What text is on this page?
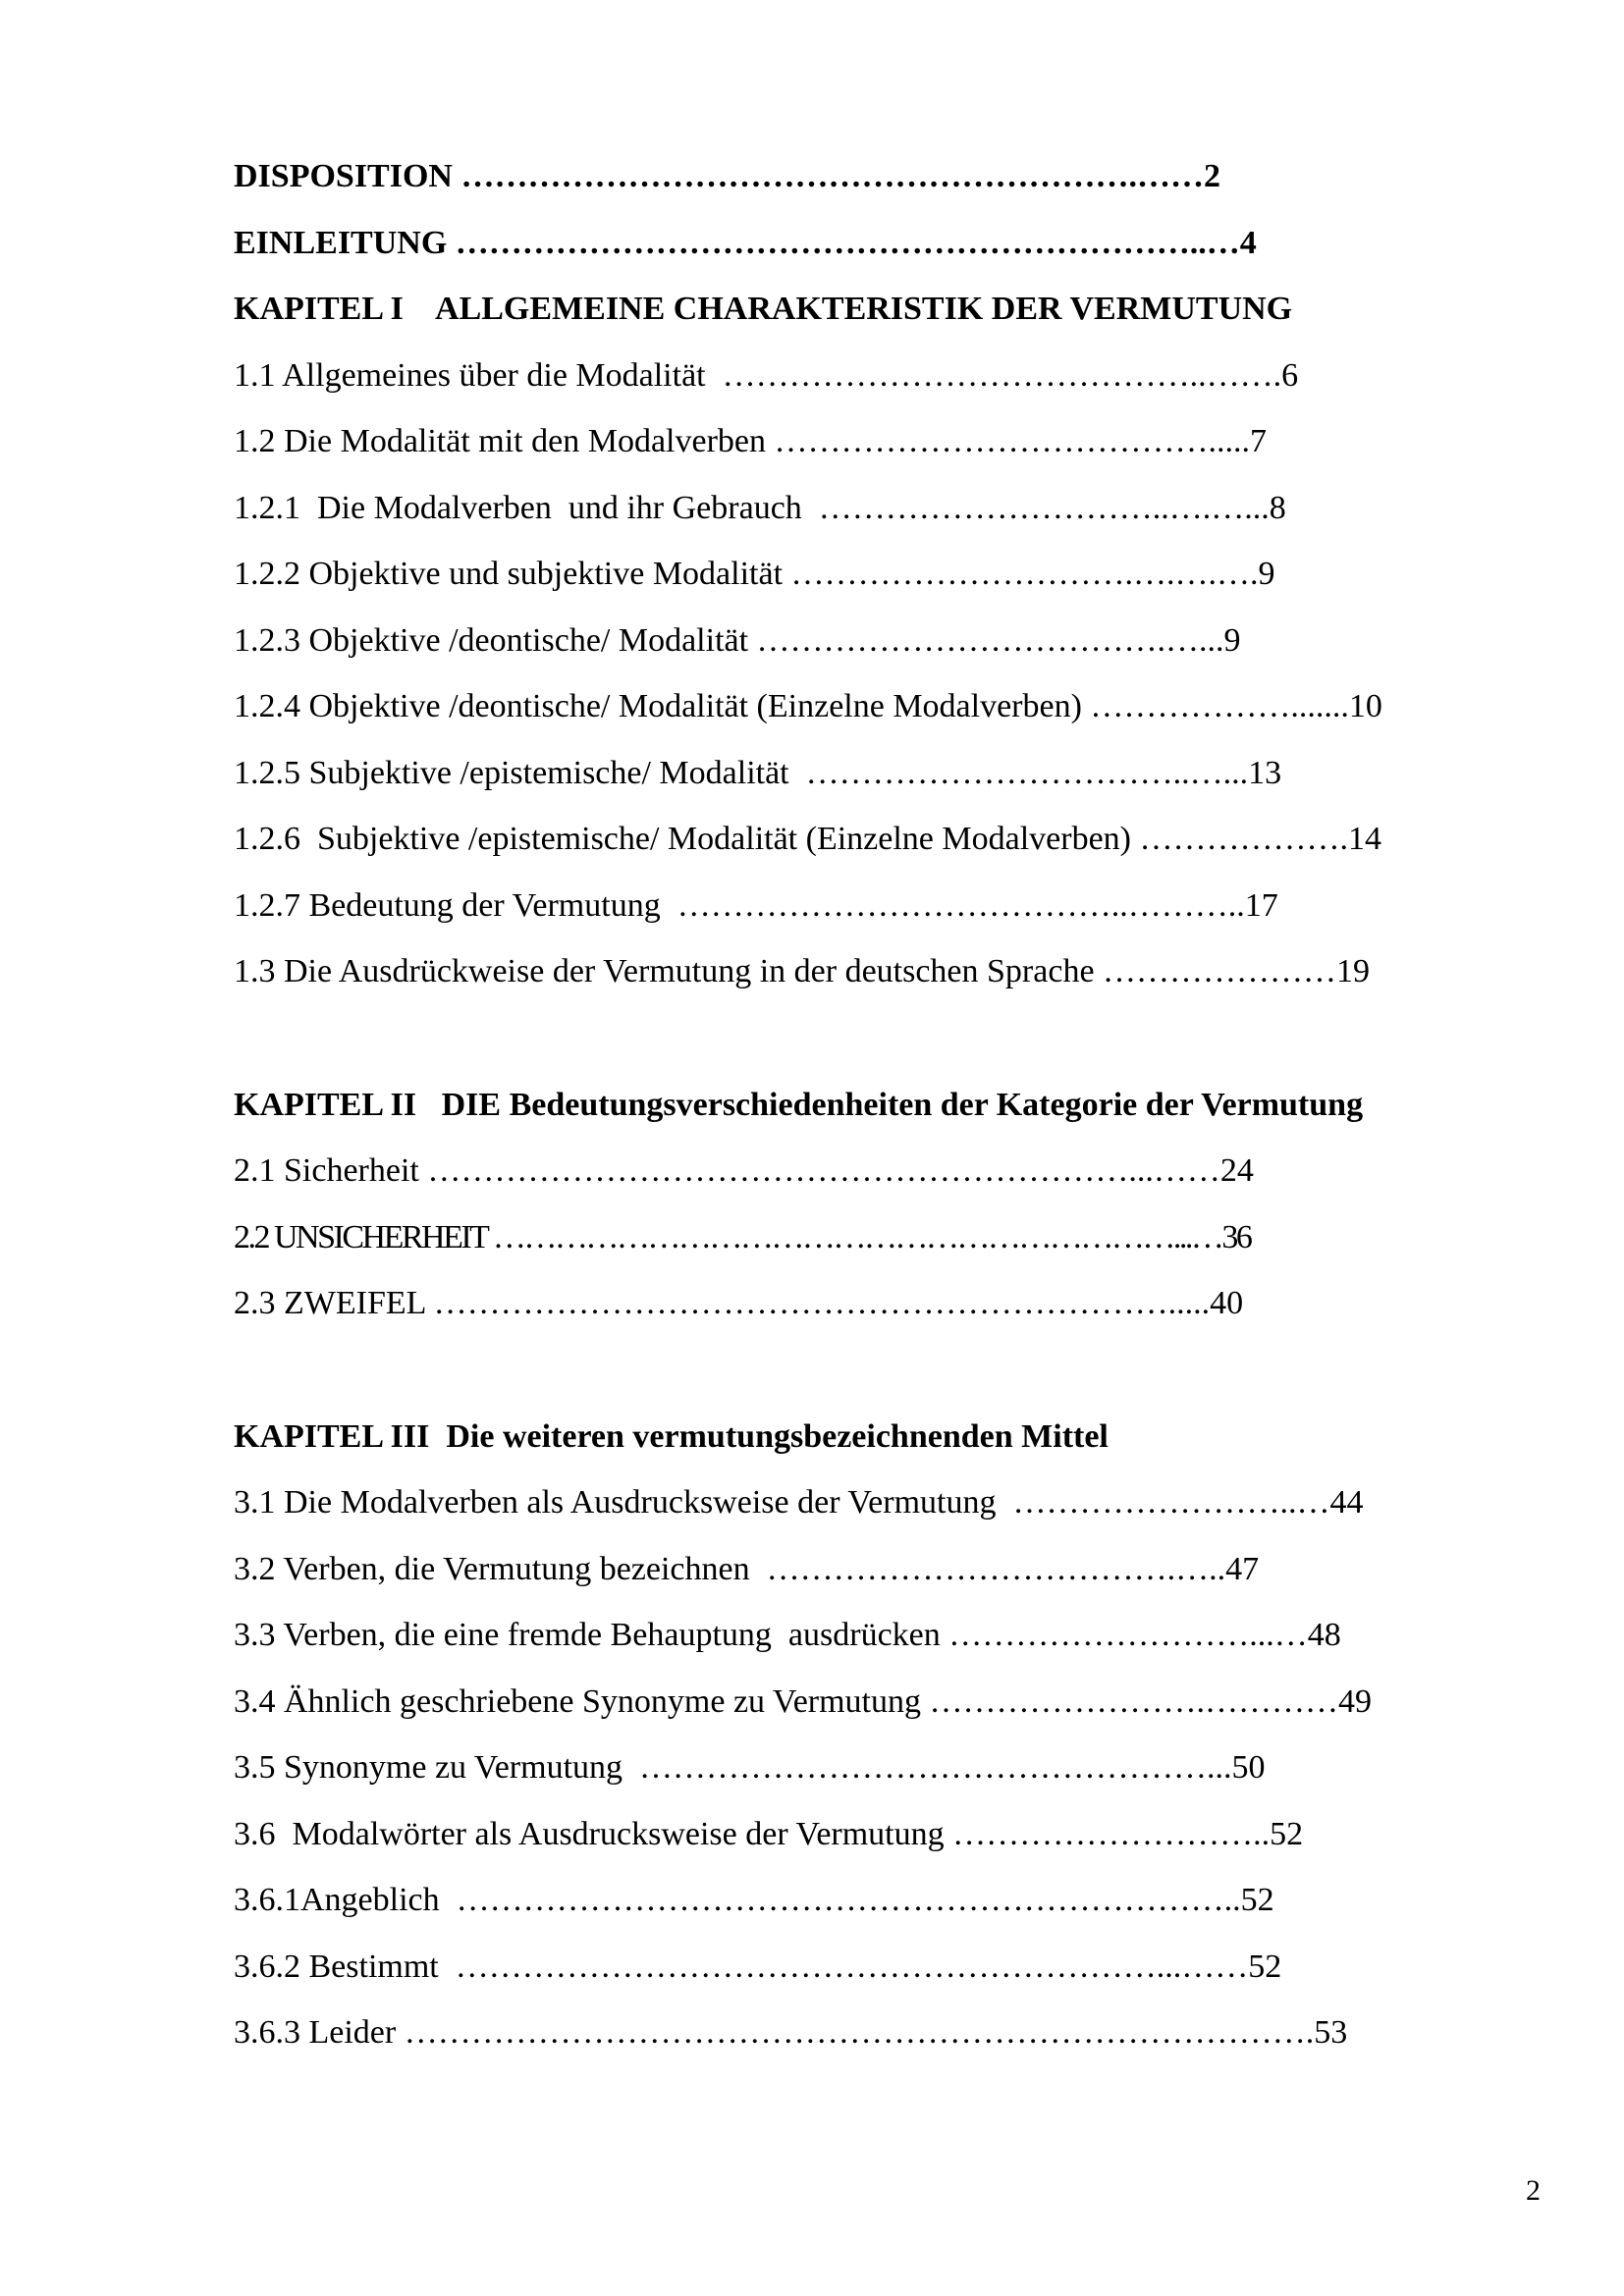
DISPOSITION …………………………………………………….……2
EINLEITUNG …………………………………………………………..…4
KAPITEL I    ALLGEMEINE CHARAKTERISTIK DER VERMUTUNG
1.1 Allgemeines über die Modalität  ……………………………………..…….6
1.2 Die Modalität mit den Modalverben ………………………………….....7
1.2.1  Die Modalverben  und ihr Gebrauch  …………………………..….…...8
1.2.2 Objektive und subjektive Modalität ………………………….….….….9
1.2.3 Objektive /deontische/ Modalität ……………………………….…...9
1.2.4 Objektive /deontische/ Modalität (Einzelne Modalverben) ……………….......10
1.2.5 Subjektive /epistemische/ Modalität  ……………………………..…...13
1.2.6  Subjektive /epistemische/ Modalität (Einzelne Modalverben) ……………….14
1.2.7 Bedeutung der Vermutung  …………………………………..………..17
1.3 Die Ausdrückweise der Vermutung in der deutschen Sprache …………………19
KAPITEL II   DIE Bedeutungsverschiedenheiten der Kategorie der Vermutung
2.1 Sicherheit ………………………………………………………...……24
2.2 UNSICHERHEIT …………………………………………………………...…36
2.3 ZWEIFEL ………………………………………………………….....40
KAPITEL III  Die weiteren vermutungsbezeichnenden Mittel
3.1 Die Modalverben als Ausdrucksweise der Vermutung  ……………………..…44
3.2 Verben, die Vermutung bezeichnen  ……………………………….…..47
3.3 Verben, die eine fremde Behauptung  ausdrücken ………………………...…48
3.4 Ähnlich geschriebene Synonyme zu Vermutung …………………….…………49
3.5 Synonyme zu Vermutung  ……………………………………………...50
3.6  Modalwörter als Ausdrucksweise der Vermutung ………………………..52
3.6.1Angeblich  ……………………………………………………………..52
3.6.2 Bestimmt  ………………………………………………………...……52
3.6.3 Leider ……………………………………………………………………….53
2
